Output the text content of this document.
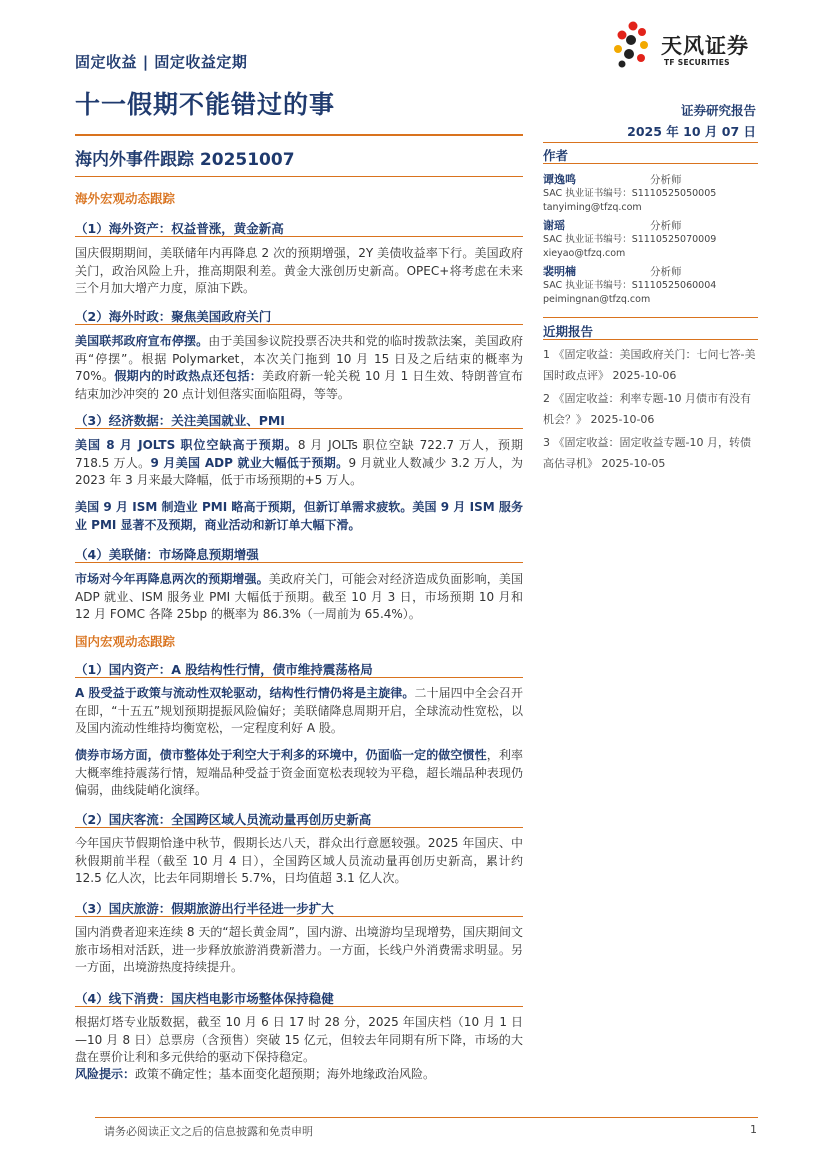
固定收益 | 固定收益定期
十一假期不能错过的事
海内外事件跟踪 20251007
天风证券
TF SECURITIES
证券研究报告
2025 年 10 月 07 日
作者
谭逸鸣	分析师
SAC 执业证书编号：S1110525050005
tanyiming@tfzq.com
谢瑶	分析师
SAC 执业证书编号：S1110525070009
xieyao@tfzq.com
裴明楠	分析师
SAC 执业证书编号：S1110525060004
peimingnan@tfzq.com
近期报告

1 《固定收益：美国政府关门：七问七答-美国时政点评》 2025-10-06

2 《固定收益：利率专题-10 月债市有没有机会？》 2025-10-06

3 《固定收益：固定收益专题-10 月，转债高估寻机》 2025-10-05

海外宏观动态跟踪
（1）海外资产：权益普涨，黄金新高
国庆假期期间，美联储年内再降息 2 次的预期增强，2Y 美债收益率下行。美国政府关门，政治风险上升，推高期限利差。黄金大涨创历史新高。OPEC+将考虑在未来三个月加大增产力度，原油下跌。
（2）海外时政：聚焦美国政府关门
美国联邦政府宣布停摆。由于美国参议院投票否决共和党的临时拨款法案，美国政府再“停摆”。根据 Polymarket，本次关门拖到 10 月 15 日及之后结束的概率为 70%。假期内的时政热点还包括：美政府新一轮关税 10 月 1 日生效、特朗普宣布结束加沙冲突的 20 点计划但落实面临阻碍，等等。
（3）经济数据：关注美国就业、PMI
美国 8 月 JOLTS 职位空缺高于预期。8 月 JOLTs 职位空缺 722.7 万人，预期 718.5 万人。9 月美国 ADP 就业大幅低于预期。9 月就业人数减少 3.2 万人，为 2023 年 3 月来最大降幅，低于市场预期的+5 万人。
美国 9 月 ISM 制造业 PMI 略高于预期，但新订单需求疲软。美国 9 月 ISM 服务业 PMI 显著不及预期，商业活动和新订单大幅下滑。
（4）美联储：市场降息预期增强
市场对今年再降息两次的预期增强。美政府关门，可能会对经济造成负面影响，美国 ADP 就业、ISM 服务业 PMI 大幅低于预期。截至 10 月 3 日，市场预期 10 月和 12 月 FOMC 各降 25bp 的概率为 86.3%（一周前为 65.4%）。
国内宏观动态跟踪
（1）国内资产：A 股结构性行情，债市维持震荡格局
A 股受益于政策与流动性双轮驱动，结构性行情仍将是主旋律。二十届四中全会召开在即，“十五五”规划预期提振风险偏好；美联储降息周期开启，全球流动性宽松，以及国内流动性维持均衡宽松，一定程度利好 A 股。
债券市场方面，债市整体处于利空大于利多的环境中，仍面临一定的做空惯性，利率大概率维持震荡行情，短端品种受益于资金面宽松表现较为平稳，超长端品种表现仍偏弱，曲线陡峭化演绎。
（2）国庆客流：全国跨区域人员流动量再创历史新高
今年国庆节假期恰逢中秋节，假期长达八天，群众出行意愿较强。2025 年国庆、中秋假期前半程（截至 10 月 4 日），全国跨区域人员流动量再创历史新高，累计约 12.5 亿人次，比去年同期增长 5.7%，日均值超 3.1 亿人次。
（3）国庆旅游：假期旅游出行半径进一步扩大
国内消费者迎来连续 8 天的“超长黄金周”，国内游、出境游均呈现增势，国庆期间文旅市场相对活跃，进一步释放旅游消费新潜力。一方面，长线户外消费需求明显。另一方面，出境游热度持续提升。
（4）线下消费：国庆档电影市场整体保持稳健
根据灯塔专业版数据，截至 10 月 6 日 17 时 28 分，2025 年国庆档（10 月 1 日—10 月 8 日）总票房（含预售）突破 15 亿元，但较去年同期有所下降，市场的大盘在票价让利和多元供给的驱动下保持稳定。
风险提示：政策不确定性；基本面变化超预期；海外地缘政治风险。
请务必阅读正文之后的信息披露和免责申明	1
